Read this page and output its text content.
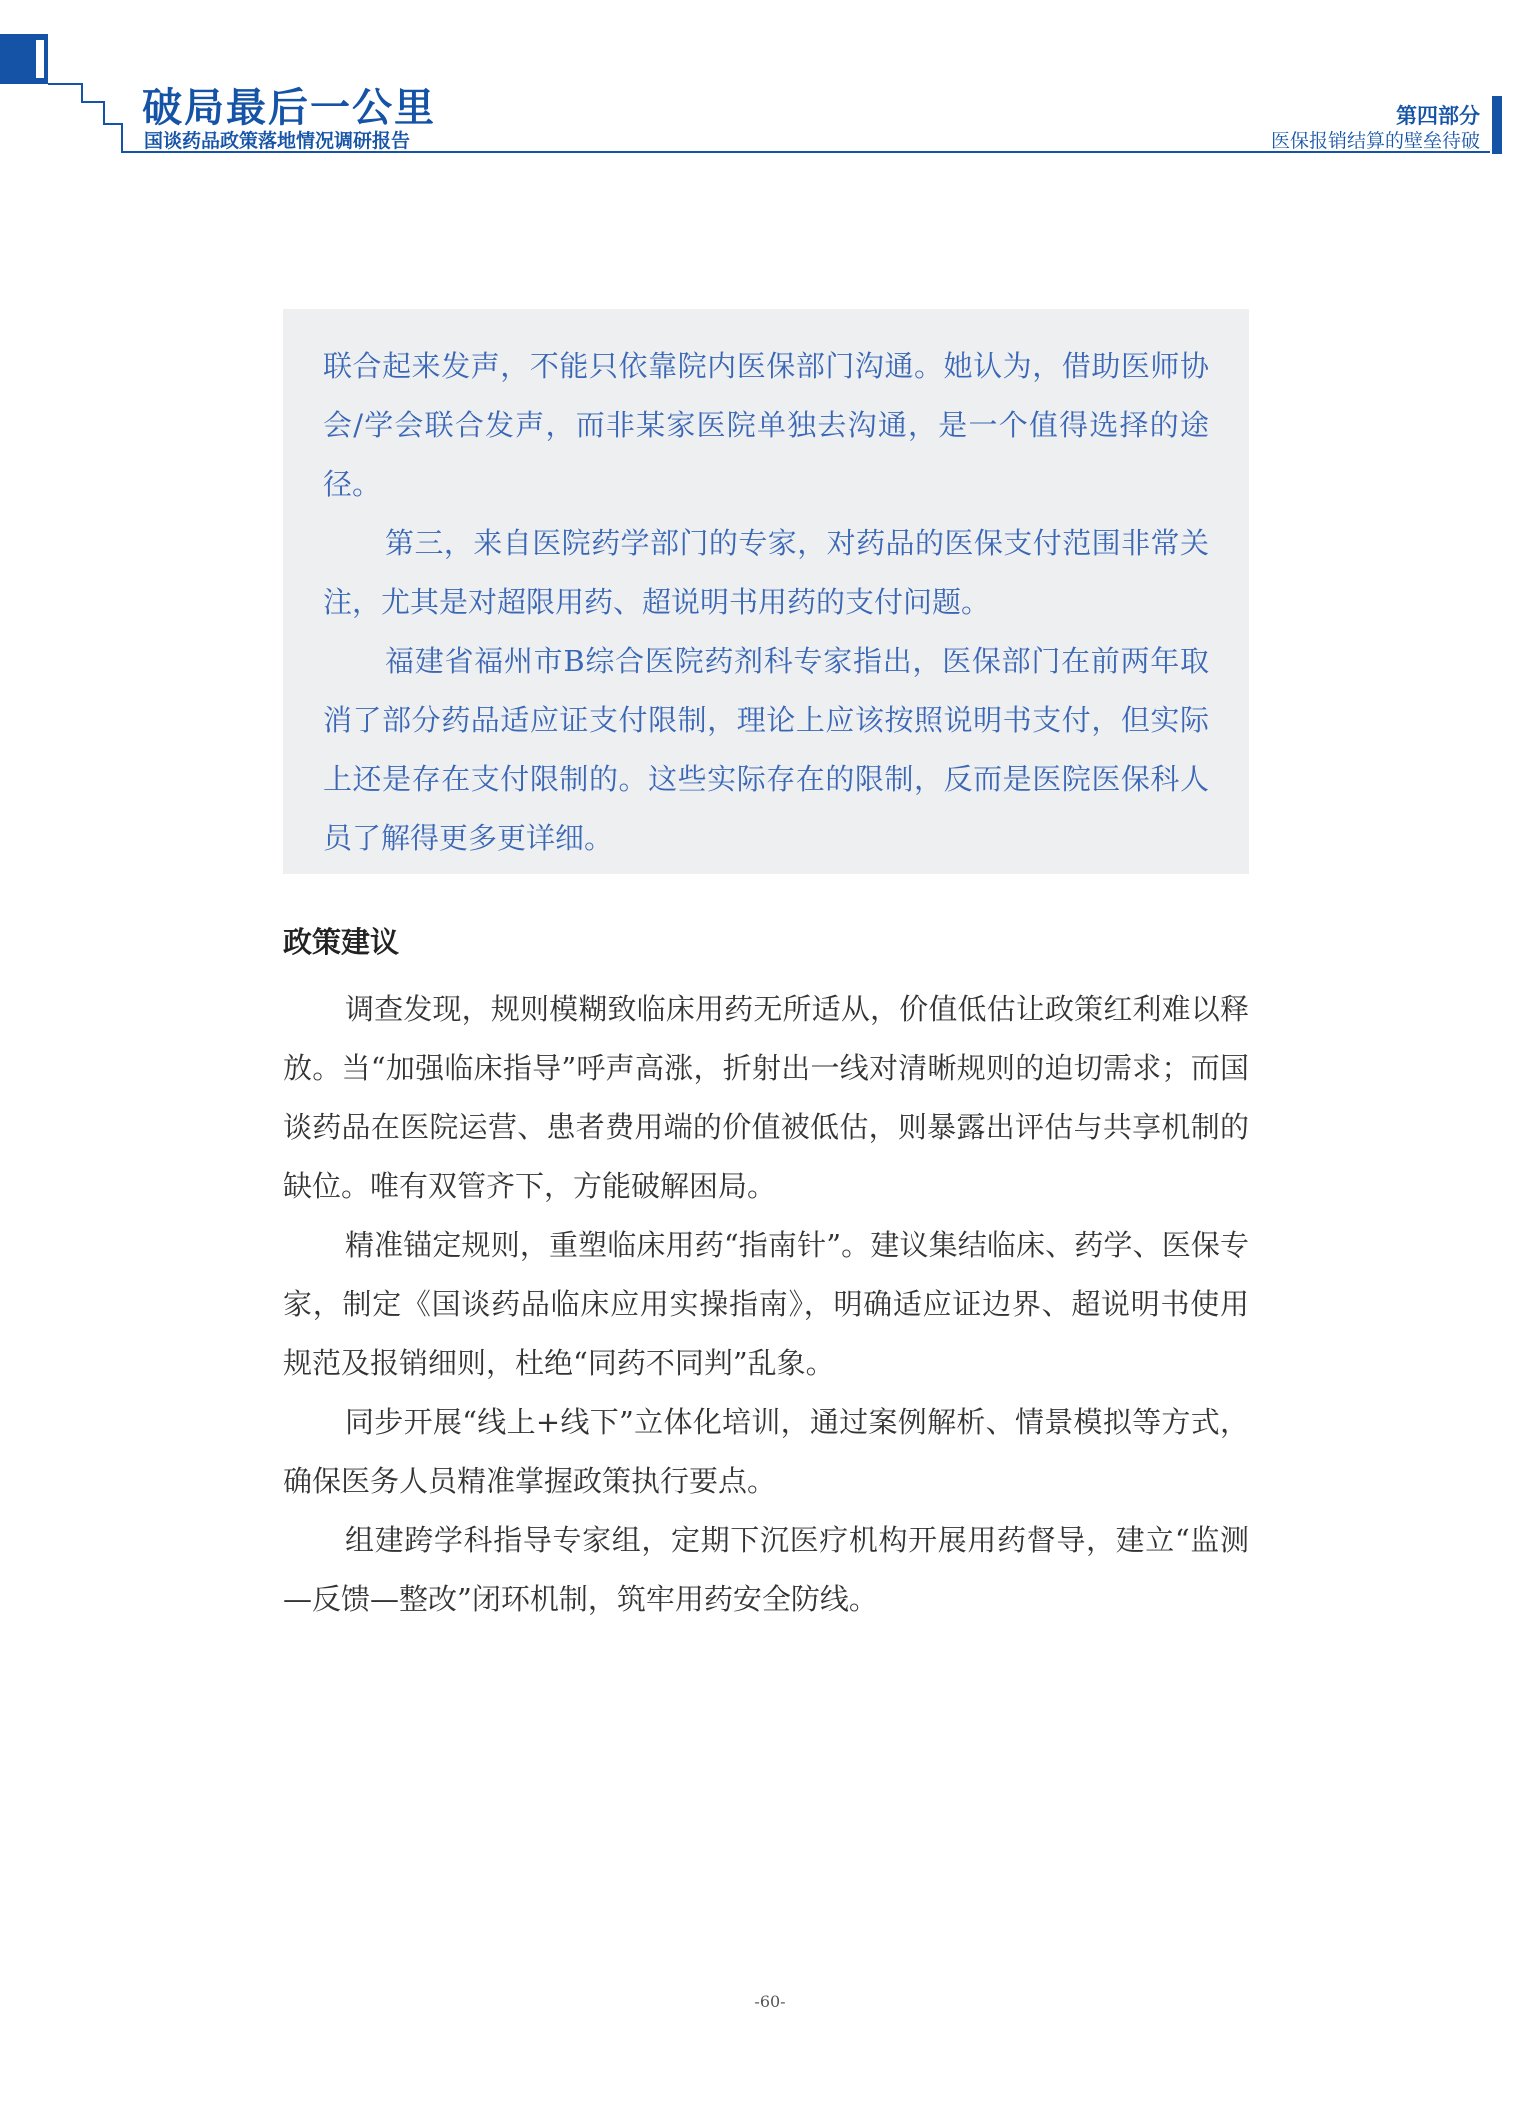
破局最后一公里
国谈药品政策落地情况调研报告
第四部分
医保报销结算的壁垒待破

联合起来发声，不能只依靠院内医保部门沟通。她认为，借助医师协会/学会联合发声，而非某家医院单独去沟通，是一个值得选择的途径。

第三，来自医院药学部门的专家，对药品的医保支付范围非常关注，尤其是对超限用药、超说明书用药的支付问题。

福建省福州市B综合医院药剂科专家指出，医保部门在前两年取消了部分药品适应证支付限制，理论上应该按照说明书支付，但实际上还是存在支付限制的。这些实际存在的限制，反而是医院医保科人员了解得更多更详细。

政策建议

调查发现，规则模糊致临床用药无所适从，价值低估让政策红利难以释放。当“加强临床指导”呼声高涨，折射出一线对清晰规则的迫切需求；而国谈药品在医院运营、患者费用端的价值被低估，则暴露出评估与共享机制的缺位。唯有双管齐下，方能破解困局。

精准锚定规则，重塑临床用药“指南针”。建议集结临床、药学、医保专家，制定《国谈药品临床应用实操指南》，明确适应证边界、超说明书使用规范及报销细则，杜绝“同药不同判”乱象。

同步开展“线上+线下”立体化培训，通过案例解析、情景模拟等方式，确保医务人员精准掌握政策执行要点。

组建跨学科指导专家组，定期下沉医疗机构开展用药督导，建立“监测—反馈—整改”闭环机制，筑牢用药安全防线。

-60-
